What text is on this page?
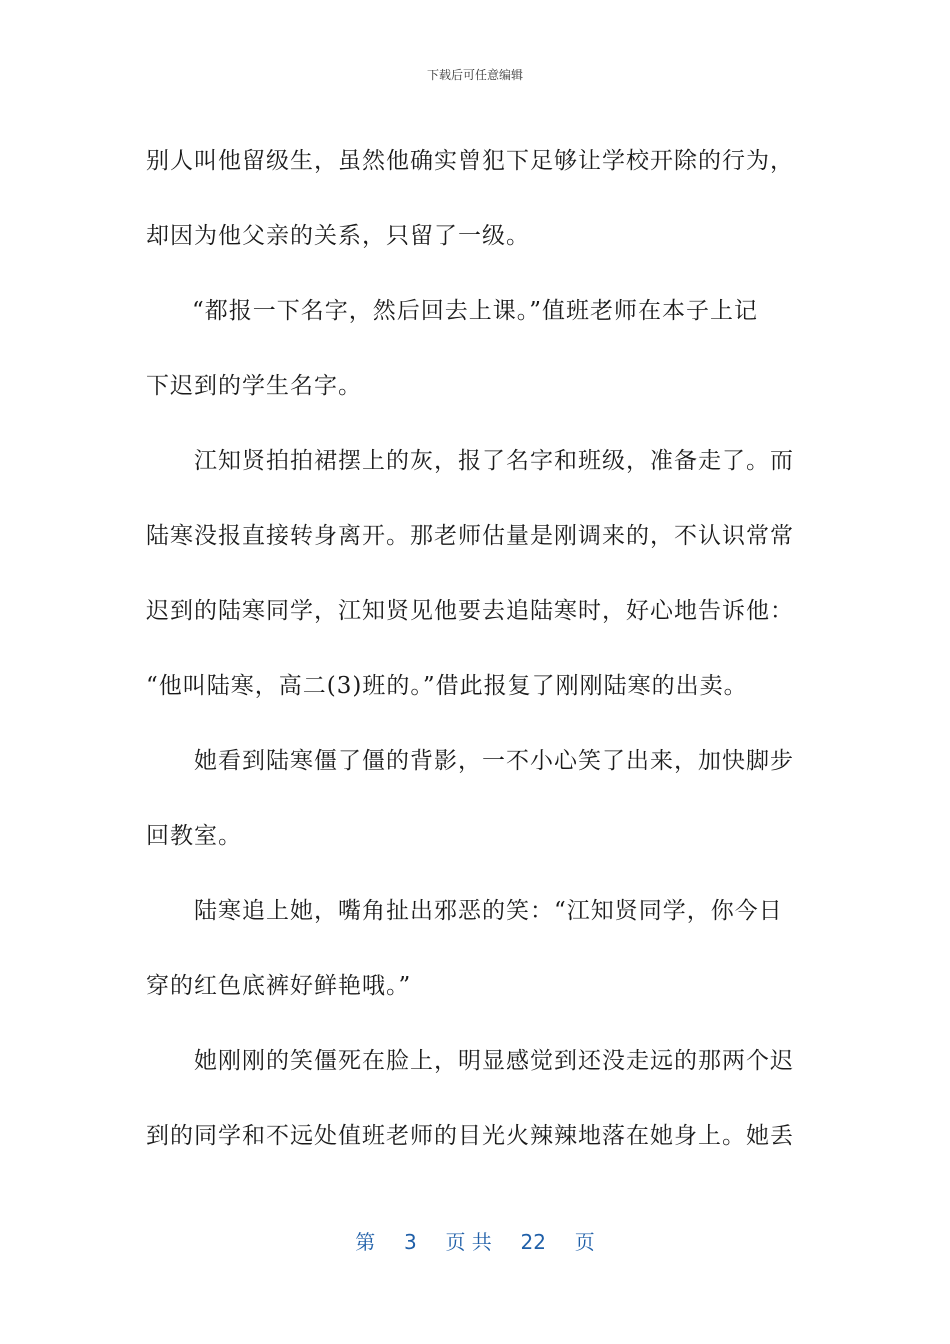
下载后可任意编辑

别人叫他留级生，虽然他确实曾犯下足够让学校开除的行为，
却因为他父亲的关系，只留了一级。

“都报一下名字，然后回去上课。”值班老师在本子上记
下迟到的学生名字。

江知贤拍拍裙摆上的灰，报了名字和班级，准备走了。而
陆寒没报直接转身离开。那老师估量是刚调来的，不认识常常
迟到的陆寒同学，江知贤见他要去追陆寒时，好心地告诉他：
“他叫陆寒，高二(3)班的。”借此报复了刚刚陆寒的出卖。

她看到陆寒僵了僵的背影，一不小心笑了出来，加快脚步
回教室。

陆寒追上她，嘴角扯出邪恶的笑：“江知贤同学，你今日
穿的红色底裤好鲜艳哦。”

她刚刚的笑僵死在脸上，明显感觉到还没走远的那两个迟
到的同学和不远处值班老师的目光火辣辣地落在她身上。她丢

第 3 页 共 22 页
